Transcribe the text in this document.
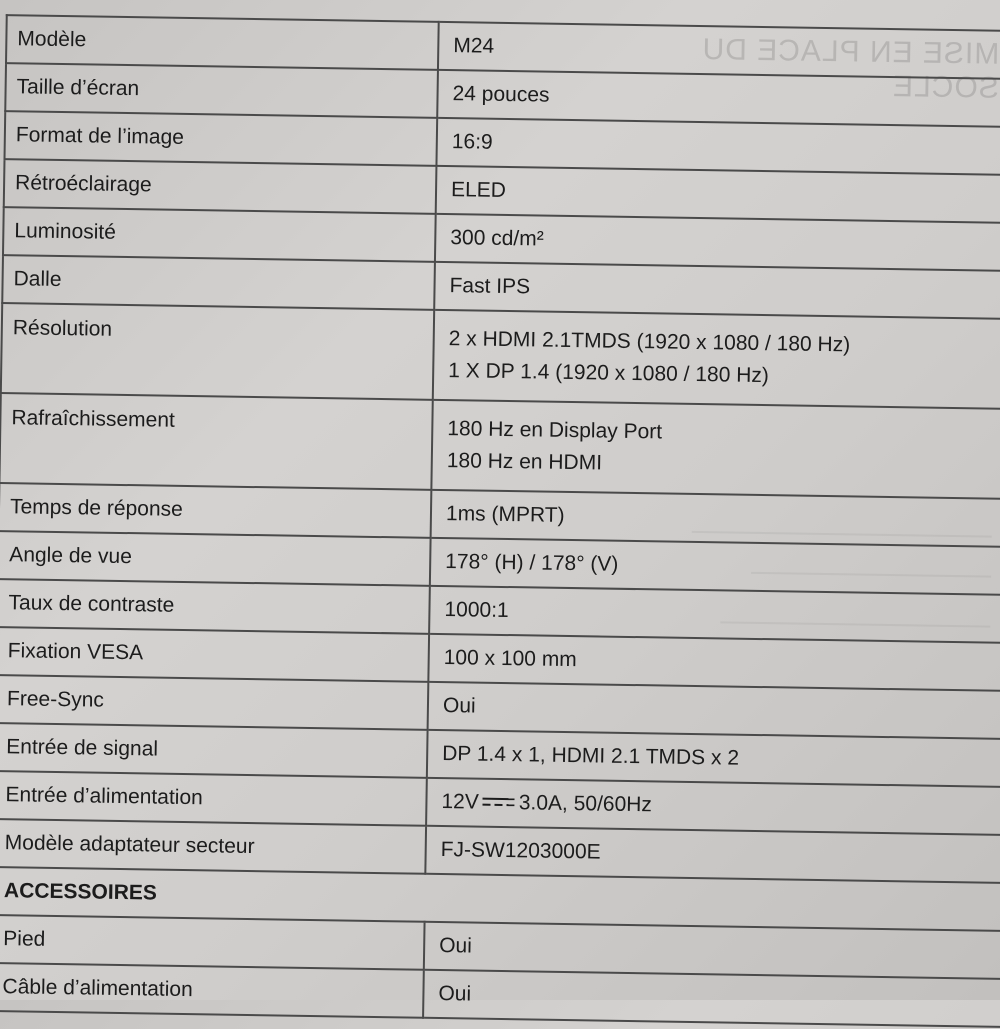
MISE EN PLACE DU SOCLE
Modèle	M24
Taille d’écran	24 pouces
Format de l’image	16:9
Rétroéclairage	ELED
Luminosité	300 cd/m²
Dalle	Fast IPS
Résolution	2 x HDMI 2.1TMDS (1920 x 1080 / 180 Hz)
1 X DP 1.4 (1920 x 1080 / 180 Hz)

Rafraîchissement	180 Hz en Display Port
180 Hz en HDMI

Temps de réponse	1ms (MPRT)
Angle de vue	178° (H) / 178° (V)
Taux de contraste	1000:1
Fixation VESA	100 x 100 mm
Free-Sync	Oui
Entrée de signal	DP 1.4 x 1, HDMI 2.1 TMDS x 2
Entrée d’alimentation	12V 3.0A, 50/60Hz
Modèle adaptateur secteur	FJ-SW1203000E
ACCESSOIRES	
Pied	Oui
Câble d’alimentation	Oui
